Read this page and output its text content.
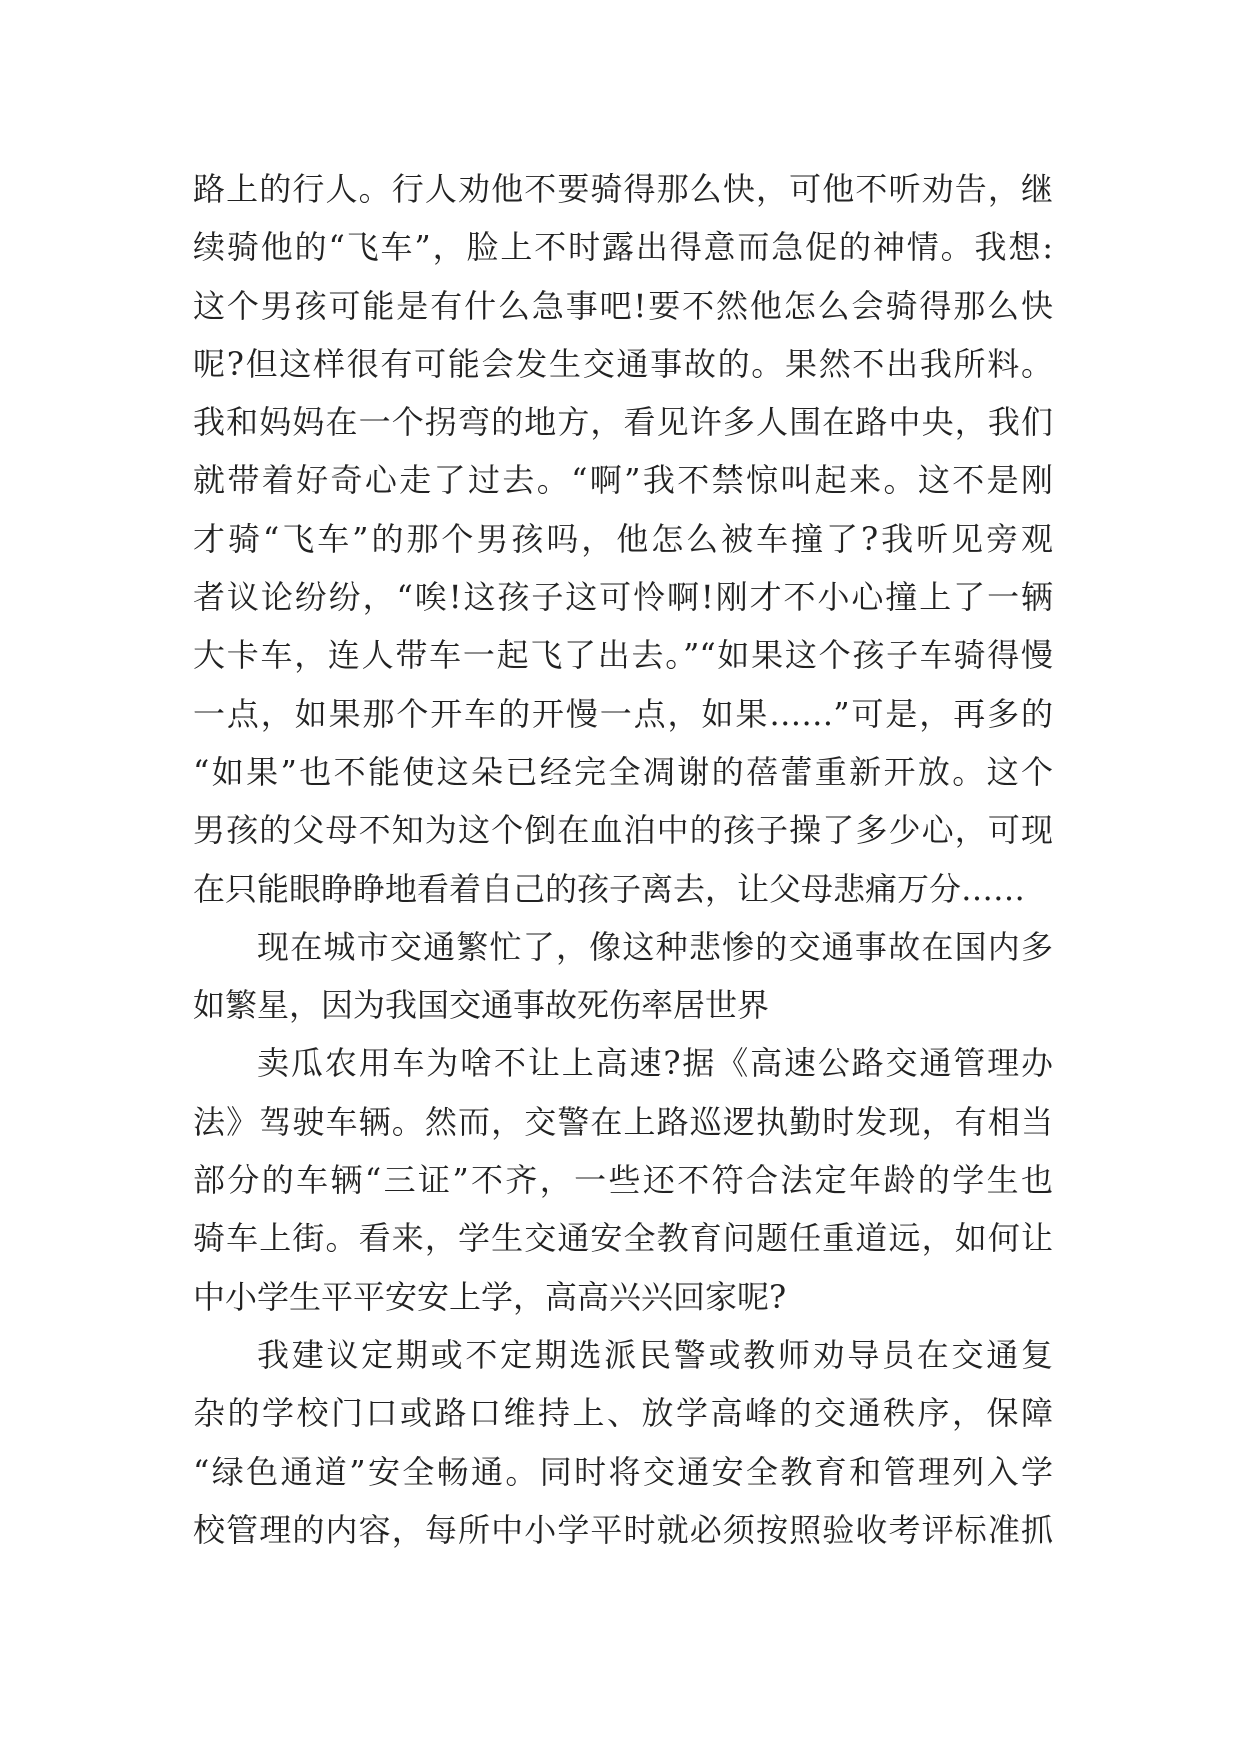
路上的行人。行人劝他不要骑得那么快，可他不听劝告，继
续骑他的“飞车”，脸上不时露出得意而急促的神情。我想:
这个男孩可能是有什么急事吧!要不然他怎么会骑得那么快
呢?但这样很有可能会发生交通事故的。果然不出我所料。
我和妈妈在一个拐弯的地方，看见许多人围在路中央，我们
就带着好奇心走了过去。“啊”我不禁惊叫起来。这不是刚
才骑“飞车”的那个男孩吗，他怎么被车撞了?我听见旁观
者议论纷纷，“唉!这孩子这可怜啊!刚才不小心撞上了一辆
大卡车，连人带车一起飞了出去。”“如果这个孩子车骑得慢
一点，如果那个开车的开慢一点，如果……”可是，再多的
“如果”也不能使这朵已经完全凋谢的蓓蕾重新开放。这个
男孩的父母不知为这个倒在血泊中的孩子操了多少心，可现
在只能眼睁睁地看着自己的孩子离去，让父母悲痛万分……
现在城市交通繁忙了，像这种悲惨的交通事故在国内多
如繁星，因为我国交通事故死伤率居世界
卖瓜农用车为啥不让上高速?据《高速公路交通管理办
法》驾驶车辆。然而，交警在上路巡逻执勤时发现，有相当
部分的车辆“三证”不齐，一些还不符合法定年龄的学生也
骑车上街。看来，学生交通安全教育问题任重道远，如何让
中小学生平平安安上学，高高兴兴回家呢?
我建议定期或不定期选派民警或教师劝导员在交通复
杂的学校门口或路口维持上、放学高峰的交通秩序，保障
“绿色通道”安全畅通。同时将交通安全教育和管理列入学
校管理的内容，每所中小学平时就必须按照验收考评标准抓
